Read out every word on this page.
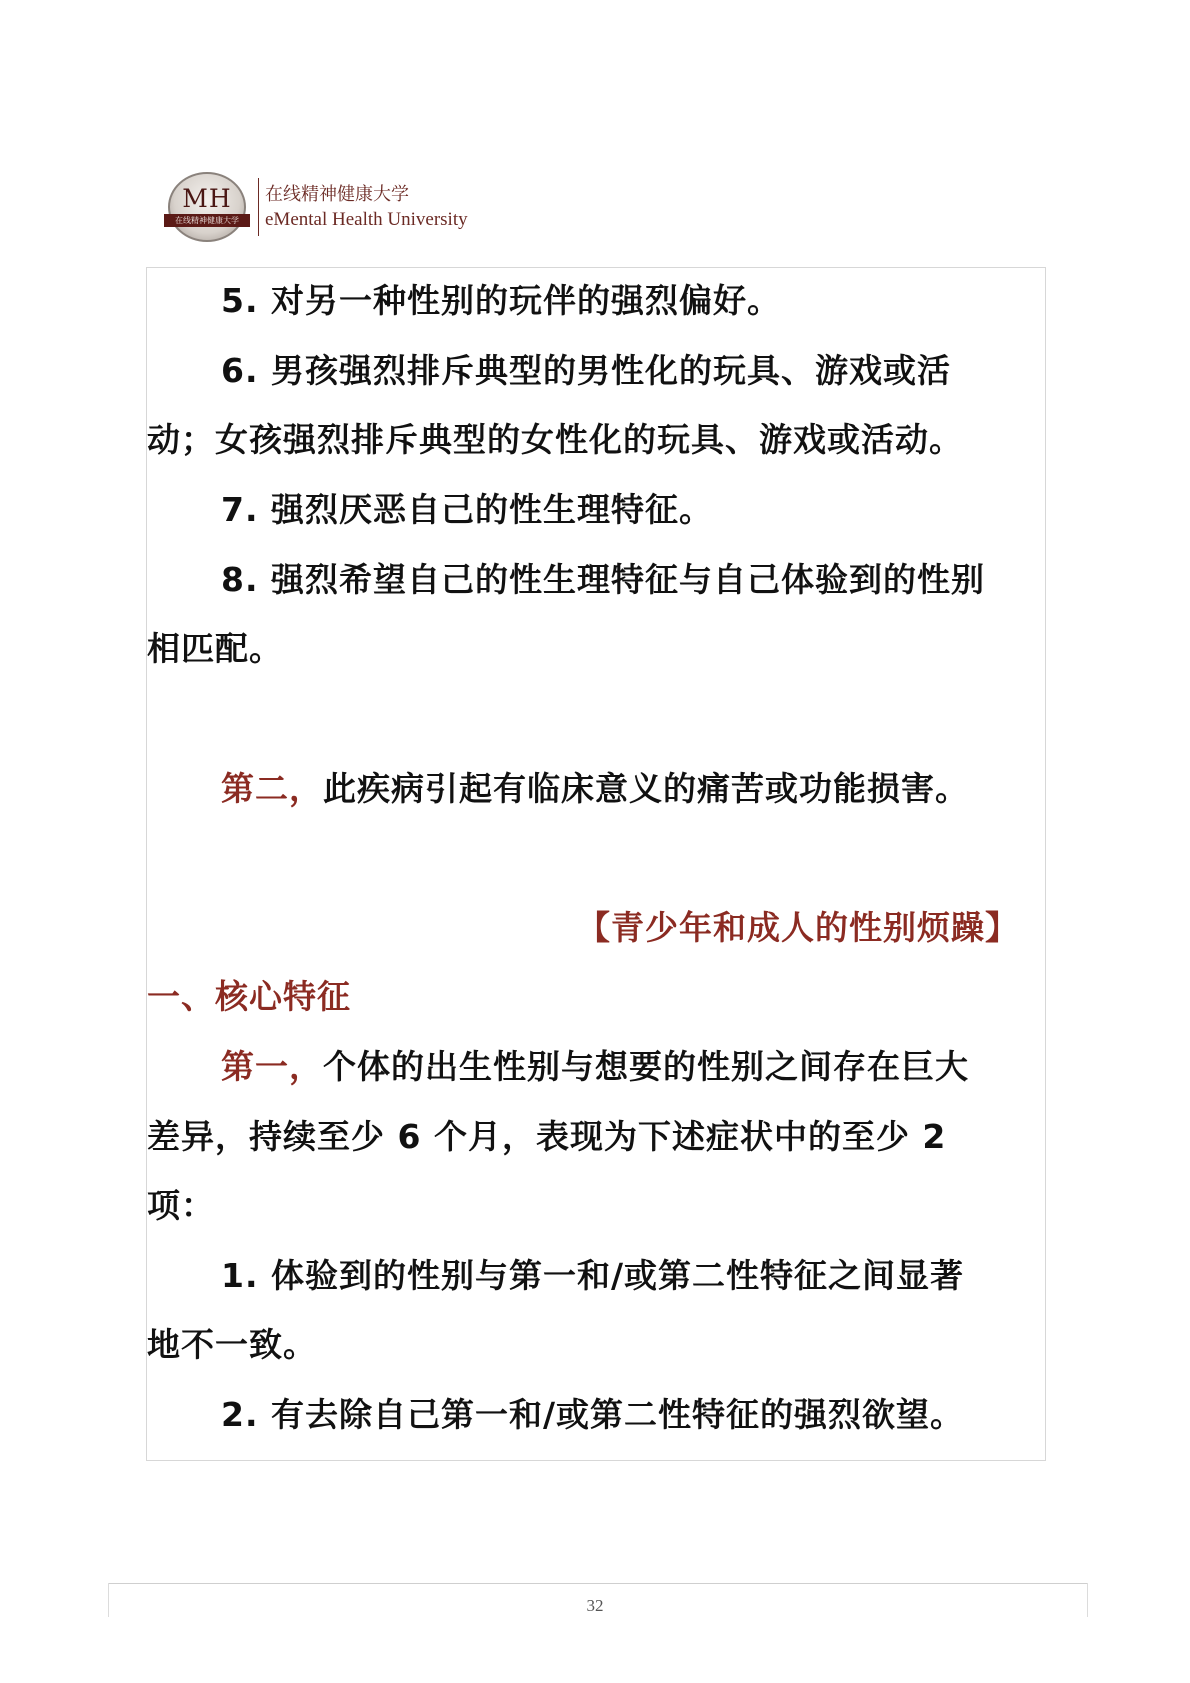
MH
在线精神健康大学
在线精神健康大学
eMental Health University
5. 对另一种性别的玩伴的强烈偏好。
6. 男孩强烈排斥典型的男性化的玩具、游戏或活
动；女孩强烈排斥典型的女性化的玩具、游戏或活动。
7. 强烈厌恶自己的性生理特征。
8. 强烈希望自己的性生理特征与自己体验到的性别
相匹配。
第二，此疾病引起有临床意义的痛苦或功能损害。
【青少年和成人的性别烦躁】
一、核心特征
第一，个体的出生性别与想要的性别之间存在巨大
差异，持续至少 6 个月，表现为下述症状中的至少 2
项：
1. 体验到的性别与第一和/或第二性特征之间显著
地不一致。
2. 有去除自己第一和/或第二性特征的强烈欲望。
32
